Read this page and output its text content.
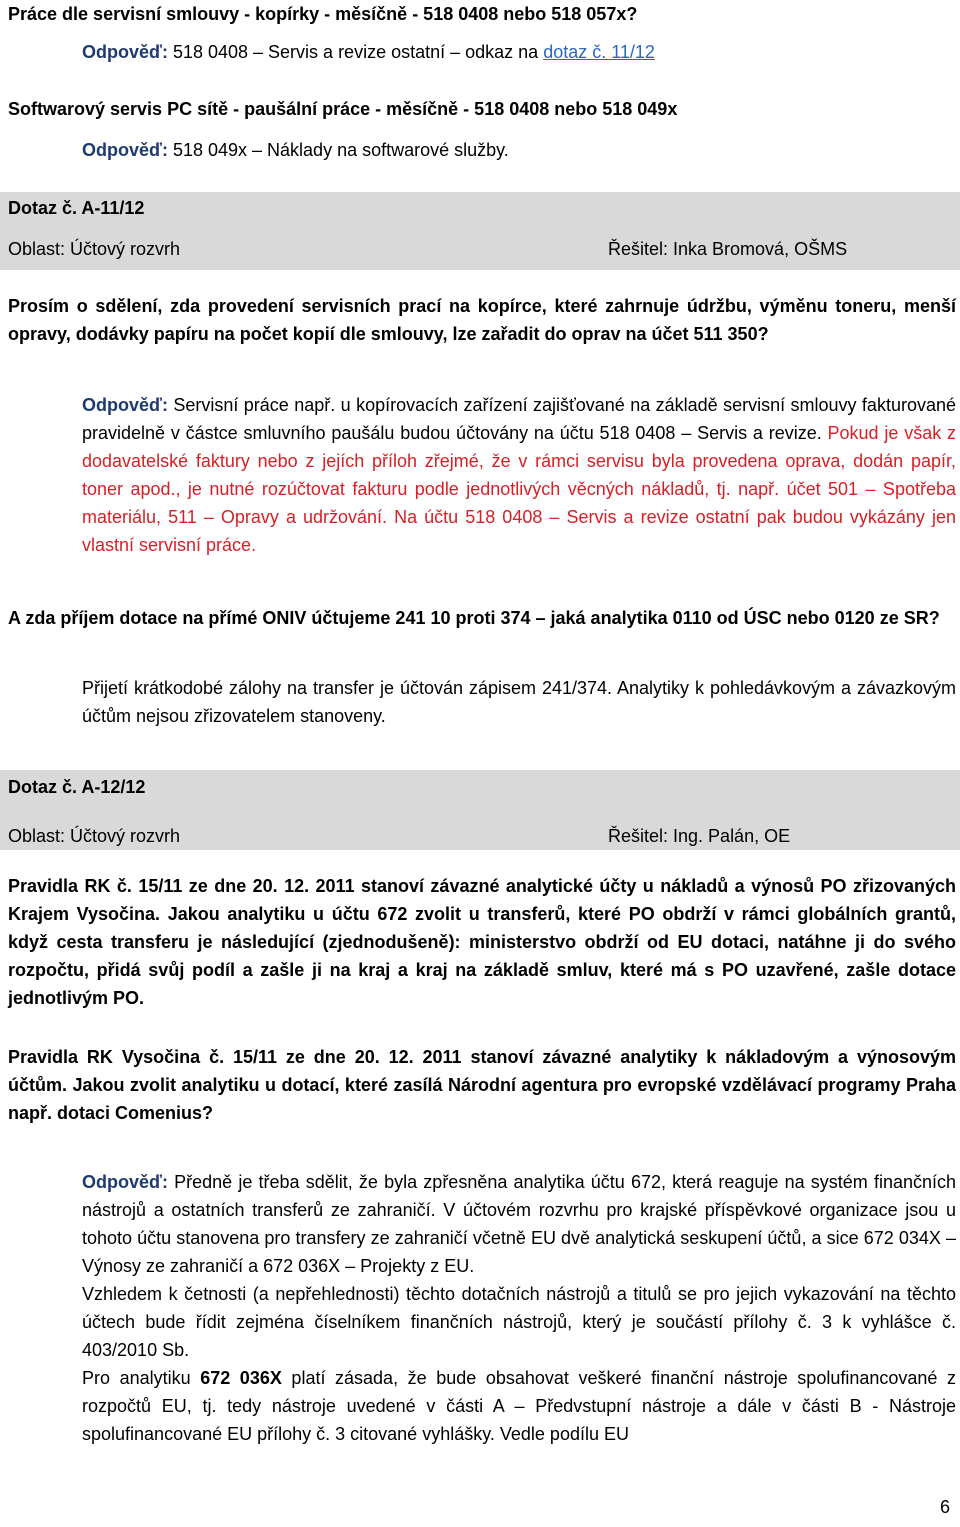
Práce dle servisní smlouvy - kopírky - měsíčně - 518 0408 nebo 518 057x?
Odpověď: 518 0408 – Servis a revize ostatní – odkaz na dotaz č. 11/12
Softwarový servis PC sítě - paušální práce - měsíčně - 518 0408 nebo 518 049x
Odpověď: 518 049x – Náklady na softwarové služby.
Dotaz č. A-11/12
Oblast: Účtový rozvrh	Řešitel: Inka Bromová, OŠMS
Prosím o sdělení, zda provedení servisních prací na kopírce, které zahrnuje údržbu, výměnu toneru, menší opravy, dodávky papíru na počet kopií dle smlouvy, lze zařadit do oprav na účet 511 350?
Odpověď: Servisní práce např. u kopírovacích zařízení zajišťované na základě servisní smlouvy fakturované pravidelně v částce smluvního paušálu budou účtovány na účtu 518 0408 – Servis a revize. Pokud je však z dodavatelské faktury nebo z jejích příloh zřejmé, že v rámci servisu byla provedena oprava, dodán papír, toner apod., je nutné rozúčtovat fakturu podle jednotlivých věcných nákladů, tj. např. účet 501 – Spotřeba materiálu, 511 – Opravy a udržování. Na účtu 518 0408 – Servis a revize ostatní pak budou vykázány jen vlastní servisní práce.
A zda příjem dotace na přímé ONIV účtujeme 241 10 proti 374 – jaká analytika 0110 od ÚSC nebo 0120 ze SR?
Přijetí krátkodobé zálohy na transfer je účtován zápisem 241/374. Analytiky k pohledávkovým a závazkovým účtům nejsou zřizovatelem stanoveny.
Dotaz č. A-12/12
Oblast: Účtový rozvrh	Řešitel: Ing. Palán, OE
Pravidla RK č. 15/11 ze dne 20. 12. 2011 stanoví závazné analytické účty u nákladů a výnosů PO zřizovaných Krajem Vysočina. Jakou analytiku u účtu 672 zvolit u transferů, které PO obdrží v rámci globálních grantů, když cesta transferu je následující (zjednodušeně): ministerstvo obdrží od EU dotaci, natáhne ji do svého rozpočtu, přidá svůj podíl a zašle ji na kraj a kraj na základě smluv, které má s PO uzavřené, zašle dotace jednotlivým PO.
Pravidla RK Vysočina č. 15/11 ze dne 20. 12. 2011 stanoví závazné analytiky k nákladovým a výnosovým účtům. Jakou zvolit analytiku u dotací, které zasílá Národní agentura pro evropské vzdělávací programy Praha např. dotaci Comenius?
Odpověď: Předně je třeba sdělit, že byla zpřesněna analytika účtu 672, která reaguje na systém finančních nástrojů a ostatních transferů ze zahraničí. V účtovém rozvrhu pro krajské příspěvkové organizace jsou u tohoto účtu stanovena pro transfery ze zahraničí včetně EU dvě analytická seskupení účtů, a sice 672 034X – Výnosy ze zahraničí a 672 036X – Projekty z EU.
Vzhledem k četnosti (a nepřehlednosti) těchto dotačních nástrojů a titulů se pro jejich vykazování na těchto účtech bude řídit zejména číselníkem finančních nástrojů, který je součástí přílohy č. 3 k vyhlášce č. 403/2010 Sb.
Pro analytiku 672 036X platí zásada, že bude obsahovat veškeré finanční nástroje spolufinancované z rozpočtů EU, tj. tedy nástroje uvedené v části A – Předvstupní nástroje a dále v části B - Nástroje spolufinancované EU přílohy č. 3 citované vyhlášky. Vedle podílu EU
6
